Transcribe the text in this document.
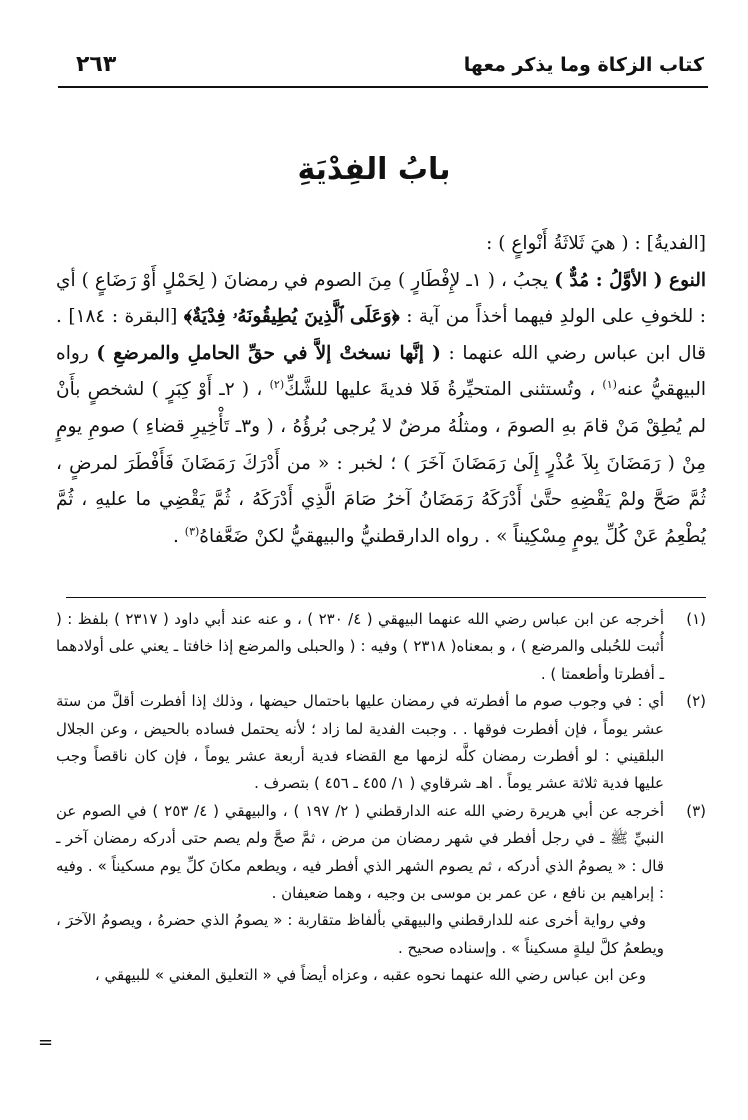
كتاب الزكاة وما يذكر معها
٢٦٣
بابُ الفِدْيَةِ

[الفديةُ] : ( هيَ ثَلاثَةُ أَنْواعٍ ) :

النوع ( الأوَّلُ : مُدٌّ ) يجبُ ، ( ١ـ لإِفْطَارٍ ) مِنَ الصوم في رمضانَ ( لِحَمْلٍ أَوْ رَضَاعٍ ) أي : للخوفِ على الولدِ فيهما أخذاً من آية : ﴿وَعَلَى ٱلَّذِينَ يُطِيقُونَهُۥ فِدْيَةٌ﴾ [البقرة : ١٨٤] . قال ابن عباس رضي الله عنهما : ( إنَّها نسختْ إلاَّ في حقِّ الحاملِ والمرضعِ ) رواه البيهقيُّ عنه$^{(١)}$ ، وتُستثنى المتحيِّرةُ فَلا فديةَ عليها للشَّكِّ$^{(٢)}$ ، ( ٢ـ أَوْ كِبَرٍ ) لشخصٍ بأَنْ لم يُطِقْ مَنْ قامَ بهِ الصومَ ، ومثلُهُ مرضٌ لا يُرجى بُرؤُهُ ، ( و٣ـ تَأْخِيرِ قضاءِ ) صومِ يومٍ مِنْ ( رَمَضَانَ بِلاَ عُذْرٍ إِلَىٰ رَمَضَانَ آخَرَ ) ؛ لخبر : « من أَدْرَكَ رَمَضَانَ فَأَفْطَرَ لمرضٍ ، ثُمَّ صَحَّ ولمْ يَقْضِهِ حتَّىٰ أَدْرَكَهُ رَمَضَانُ آخرُ صَامَ الَّذِي أَدْرَكَهُ ، ثُمَّ يَقْضِي ما عليهِ ، ثُمَّ يُطْعِمُ عَنْ كُلِّ يومٍ مِسْكِيناً » . رواه الدارقطنيُّ والبيهقيُّ لكنْ ضَعَّفاهُ$^{(٣)}$ .

(١)
أخرجه عن ابن عباس رضي الله عنهما البيهقي ( ٤/ ٢٣٠ ) ، و عنه عند أبي داود ( ٢٣١٧ ) بلفظ : ( أُثبت للحُبلى والمرضع ) ، و بمعناه( ٢٣١٨ ) وفيه : ( والحبلى والمرضع إذا خافتا ـ يعني على أولادهما ـ أفطرتا وأطعمتا ) .
(٢)
أي : في وجوب صوم ما أفطرته في رمضان عليها باحتمال حيضها ، وذلك إذا أفطرت أقلَّ من ستة عشر يوماً ، فإن أفطرت فوقها . . وجبت الفدية لما زاد ؛ لأنه يحتمل فساده بالحيض ، وعن الجلال البلقيني : لو أفطرت رمضان كلَّه لزمها مع القضاء فدية أربعة عشر يوماً ، فإن كان ناقصاً وجب عليها فدية ثلاثة عشر يوماً . اهـ شرقاوي ( ١/ ٤٥٥ ـ ٤٥٦ ) بتصرف .
(٣)
أخرجه عن أبي هريرة رضي الله عنه الدارقطني ( ٢/ ١٩٧ ) ، والبيهقي ( ٤/ ٢٥٣ ) في الصوم عن النبيِّ ﷺ ـ في رجل أفطر في شهر رمضان من مرض ، ثمَّ صحَّ ولم يصم حتى أدركه رمضان آخر ـ قال : « يصومُ الذي أدركه ، ثم يصوم الشهر الذي أفطر فيه ، ويطعم مكانَ كلِّ يوم مسكيناً » . وفيه : إبراهيم بن نافع ، عن عمر بن موسى بن وجيه ، وهما ضعيفان .

وفي رواية أخرى عنه للدارقطني والبيهقي بألفاظ متقاربة : « يصومُ الذي حضرهُ ، ويصومُ الآخرَ ، ويطعمُ كلَّ ليلةٍ مسكيناً » . وإسناده صحيح .

وعن ابن عباس رضي الله عنهما نحوه عقبه ، وعزاه أيضاً في « التعليق المغني » للبيهقي ،

=
